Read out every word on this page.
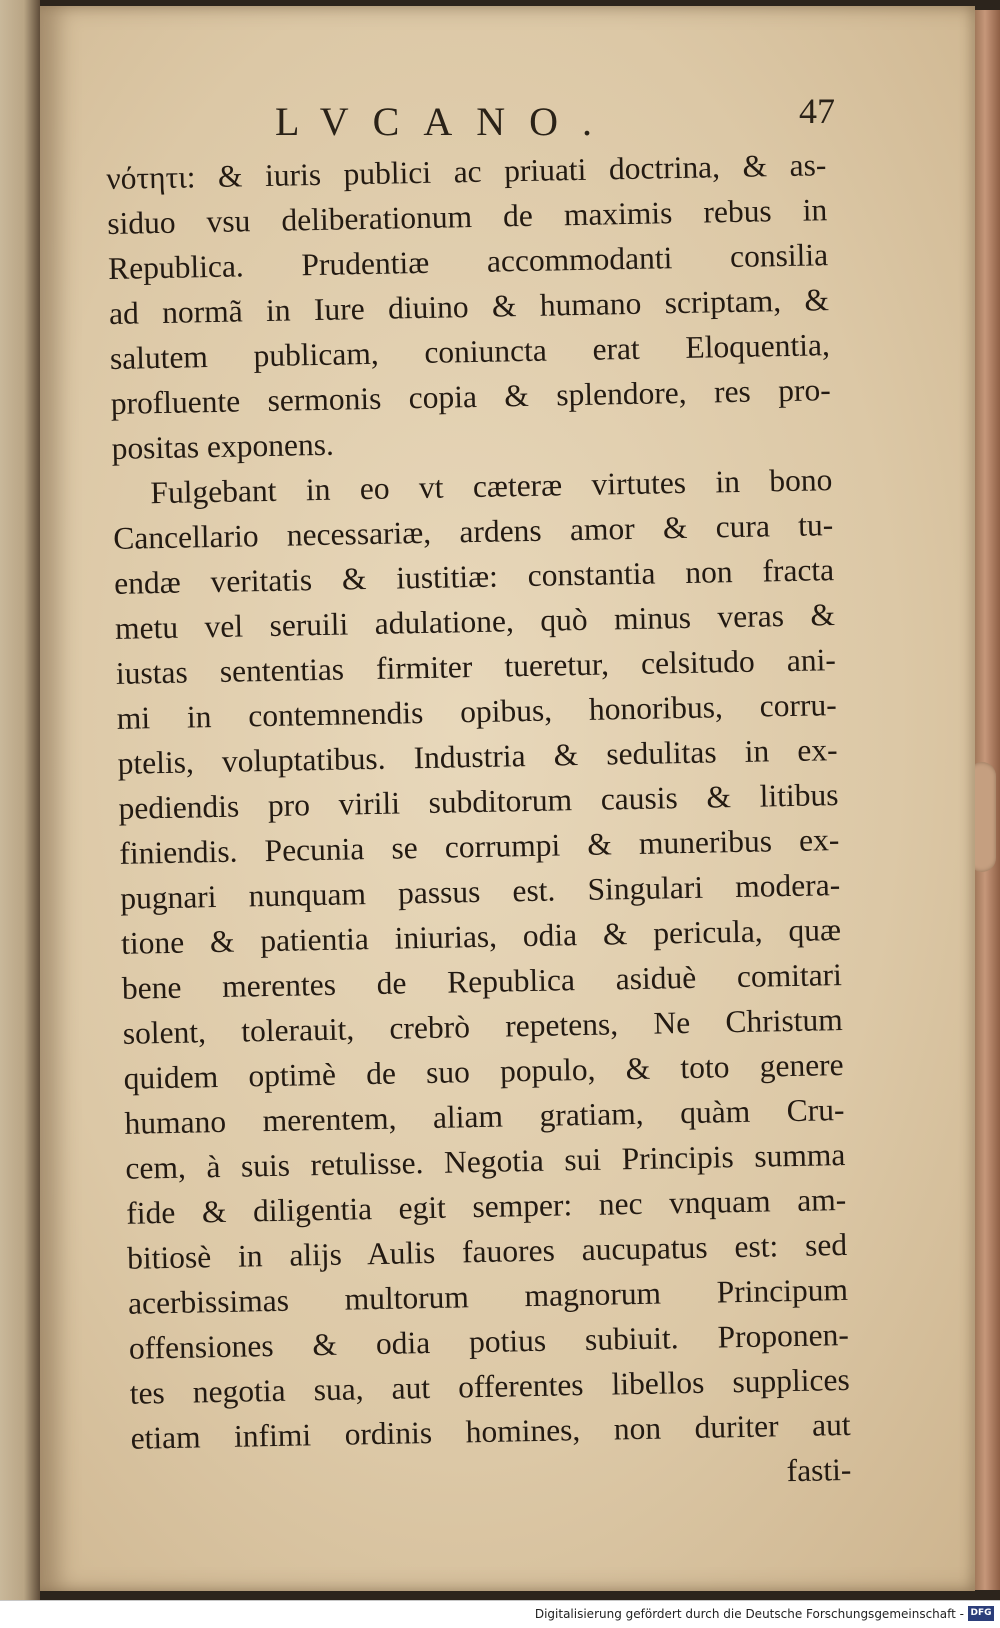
LVCANO.	47
νότητι: & iuris publici ac priuati doctrina, & as-
siduo vsu deliberationum de maximis rebus in
Republica. Prudentiæ accommodanti consilia
ad normã in Iure diuino & humano scriptam, &
salutem publicam, coniuncta erat Eloquentia,
profluente sermonis copia & splendore, res pro-
positas exponens.
Fulgebant in eo vt cæteræ virtutes in bono
Cancellario necessariæ, ardens amor & cura tu-
endæ veritatis & iustitiæ: constantia non fracta
metu vel seruili adulatione, quò minus veras &
iustas sententias firmiter tueretur, celsitudo ani-
mi in contemnendis opibus, honoribus, corru-
ptelis, voluptatibus. Industria & sedulitas in ex-
pediendis pro virili subditorum causis & litibus
finiendis. Pecunia se corrumpi & muneribus ex-
pugnari nunquam passus est. Singulari modera-
tione & patientia iniurias, odia & pericula, quæ
bene merentes de Republica asiduè comitari
solent, tolerauit, crebrò repetens, Ne Christum
quidem optimè de suo populo, & toto genere
humano merentem, aliam gratiam, quàm Cru-
cem, à suis retulisse. Negotia sui Principis summa
fide & diligentia egit semper: nec vnquam am-
bitiosè in alijs Aulis fauores aucupatus est: sed
acerbissimas multorum magnorum Principum
offensiones & odia potius subiuit. Proponen-
tes negotia sua, aut offerentes libellos supplices
etiam infimi ordinis homines, non duriter aut
fasti-
Digitalisierung gefördert durch die Deutsche Forschungsgemeinschaft - DFG
